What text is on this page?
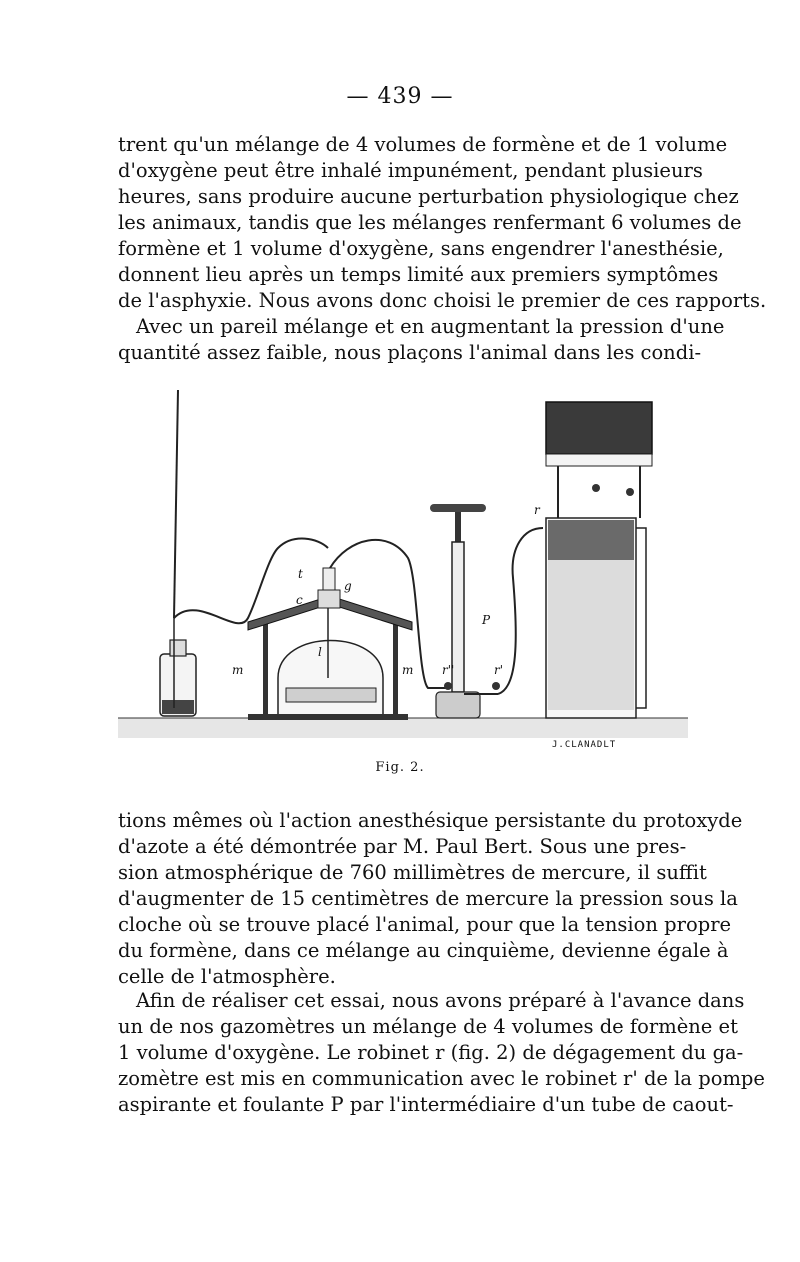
— 439 —
trent qu'un mélange de 4 volumes de formène et de 1 volume
d'oxygène peut être inhalé impunément, pendant plusieurs
heures, sans produire aucune perturbation physiologique chez
les animaux, tandis que les mélanges renfermant 6 volumes de
formène et 1 volume d'oxygène, sans engendrer l'anesthésie,
donnent lieu après un temps limité aux premiers symptômes
de l'asphyxie. Nous avons donc choisi le premier de ces rapports.
Avec un pareil mélange et en augmentant la pression d'une
quantité assez faible, nous plaçons l'animal dans les condi-
t
g
c
l
m	m
P
r
r''	r'
J.CLANADLT
Fig. 2.
tions mêmes où l'action anesthésique persistante du protoxyde
d'azote a été démontrée par M. Paul Bert. Sous une pres-
sion atmosphérique de 760 millimètres de mercure, il suffit
d'augmenter de 15 centimètres de mercure la pression sous la
cloche où se trouve placé l'animal, pour que la tension propre
du formène, dans ce mélange au cinquième, devienne égale à
celle de l'atmosphère.
Afin de réaliser cet essai, nous avons préparé à l'avance dans
un de nos gazomètres un mélange de 4 volumes de formène et
1 volume d'oxygène. Le robinet r (fig. 2) de dégagement du ga-
zomètre est mis en communication avec le robinet r' de la pompe
aspirante et foulante P par l'intermédiaire d'un tube de caout-
